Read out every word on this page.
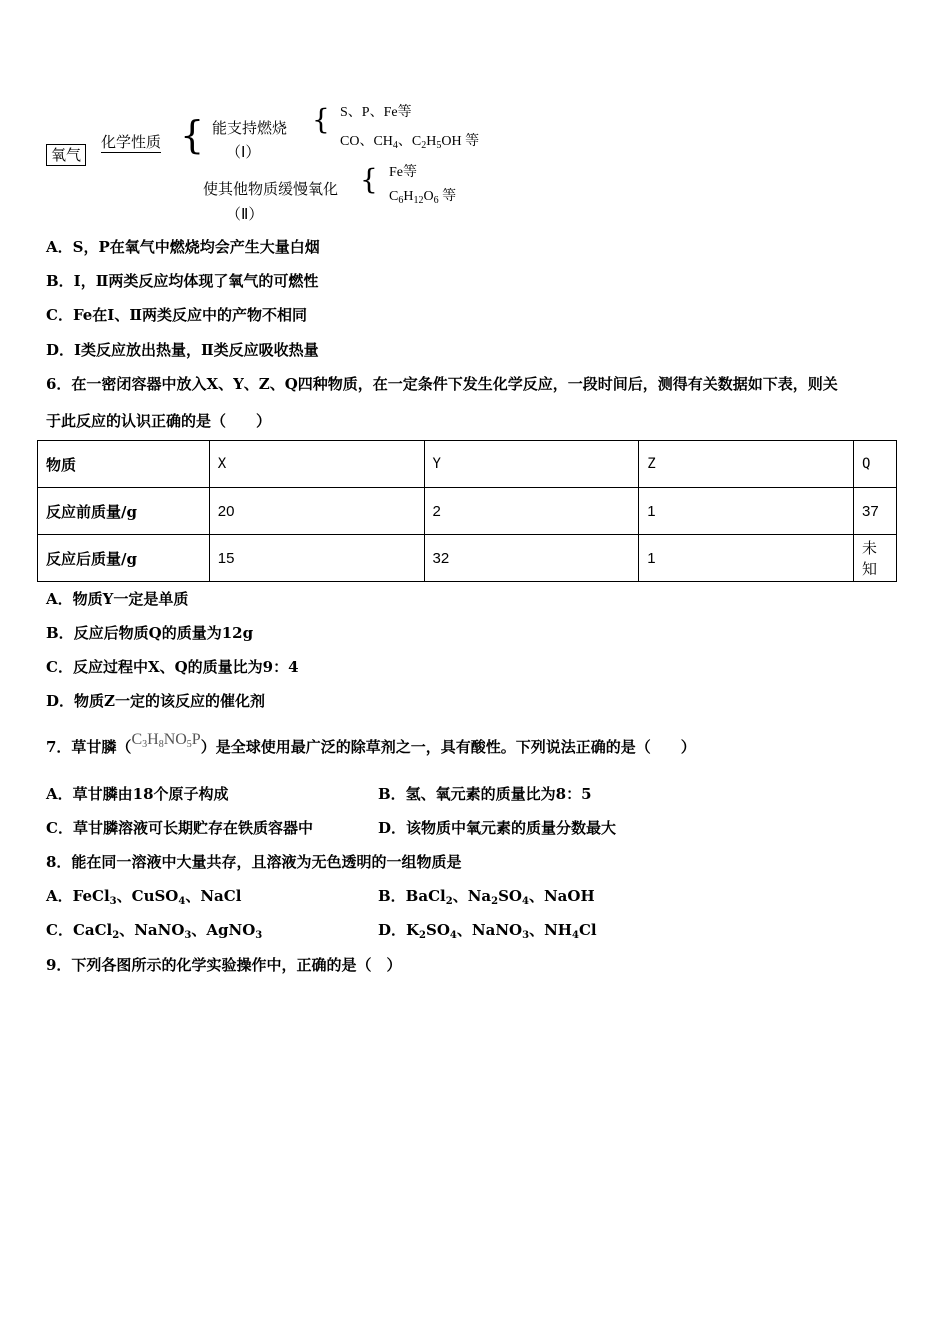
氧气
化学性质 { 能支持燃烧
（Ⅰ）
{ S、P、Fe等
CO、$CH_4$、$C_2H_5OH$ 等
使其他物质缓慢氧化
（Ⅱ）
{ Fe等
$C_6H_{12}O_6$ 等
A．S，P在氧气中燃烧均会产生大量白烟
B．Ⅰ，Ⅱ两类反应均体现了氧气的可燃性
C．Fe在Ⅰ、Ⅱ两类反应中的产物不相同
D．Ⅰ类反应放出热量，Ⅱ类反应吸收热量
6．在一密闭容器中放入X、Y、Z、Q四种物质，在一定条件下发生化学反应，一段时间后，测得有关数据如下表，则关
于此反应的认识正确的是（　　）
物质	X	Y	Z	Q
反应前质量/g	20	2	1	37
反应后质量/g	15	32	1	未知
A．物质Y一定是单质
B．反应后物质Q的质量为12g
C．反应过程中X、Q的质量比为9：4
D．物质Z一定的该反应的催化剂
7．草甘膦$(C_3H_8NO_5P)$是全球使用最广泛的除草剂之一，具有酸性。下列说法正确的是（　　）
A．草甘膦由18个原子构成	B．氢、氧元素的质量比为8：5
C．草甘膦溶液可长期贮存在铁质容器中	D．该物质中氧元素的质量分数最大
8．能在同一溶液中大量共存，且溶液为无色透明的一组物质是
A．FeCl$_3$、CuSO$_4$、NaCl	B．BaCl$_2$、$Na_2SO_4$、NaOH
C．CaCl$_2$、NaNO$_3$、AgNO$_3$	D．$K_2SO_4$、NaNO$_3$、$NH_4Cl$
9．下列各图所示的化学实验操作中，正确的是（　）
